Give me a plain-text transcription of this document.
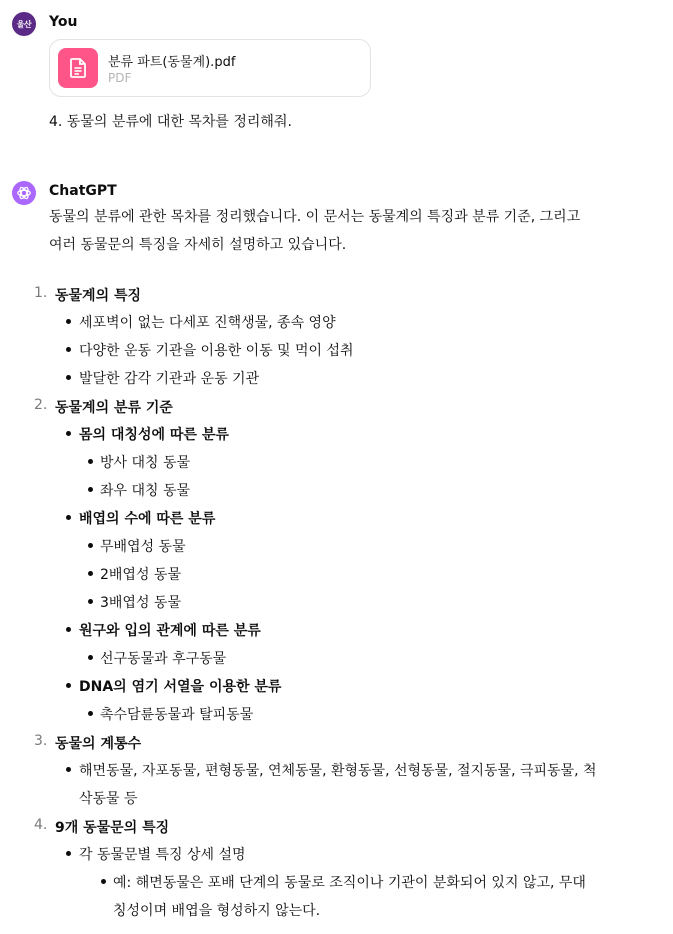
울산 You
분류 파트(동물계).pdf
PDF
4. 동물의 분류에 대한 목차를 정리해줘.
ChatGPT
동물의 분류에 관한 목차를 정리했습니다. 이 문서는 동물계의 특징과 분류 기준, 그리고
여러 동물문의 특징을 자세히 설명하고 있습니다.
1. 동물계의 특징
세포벽이 없는 다세포 진핵생물, 종속 영양
다양한 운동 기관을 이용한 이동 및 먹이 섭취
발달한 감각 기관과 운동 기관
2. 동물계의 분류 기준
몸의 대칭성에 따른 분류
방사 대칭 동물
좌우 대칭 동물
배엽의 수에 따른 분류
무배엽성 동물
2배엽성 동물
3배엽성 동물
원구와 입의 관계에 따른 분류
선구동물과 후구동물
DNA의 염기 서열을 이용한 분류
촉수담륜동물과 탈피동물
3. 동물의 계통수
해면동물, 자포동물, 편형동물, 연체동물, 환형동물, 선형동물, 절지동물, 극피동물, 척
삭동물 등
4. 9개 동물문의 특징
각 동물문별 특징 상세 설명
예: 해면동물은 포배 단계의 동물로 조직이나 기관이 분화되어 있지 않고, 무대
칭성이며 배엽을 형성하지 않는다.
